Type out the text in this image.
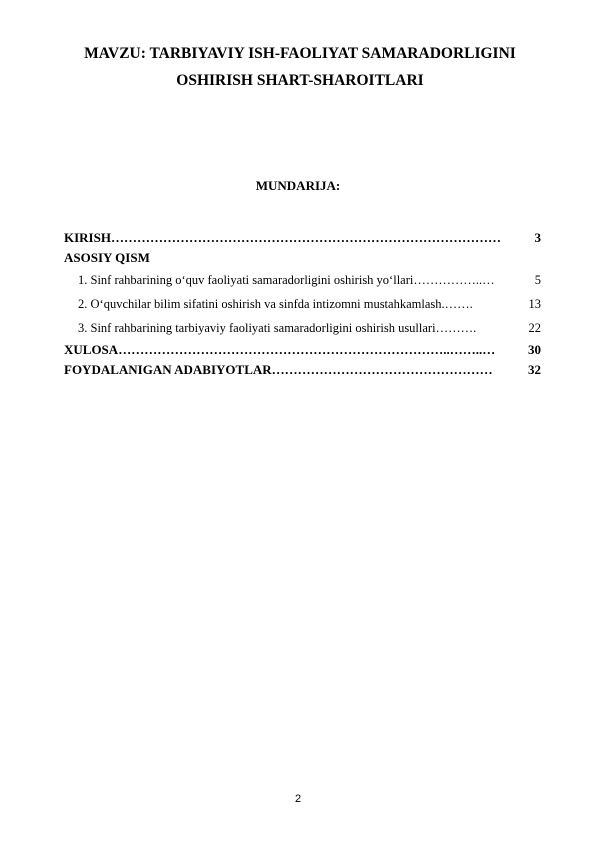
MAVZU: TARBIYAVIY ISH-FAOLIYAT SAMARADORLIGINI
OSHIRISH SHART-SHAROITLARI
MUNDARIJA:
KIRISH ………………………………………………………………………………	3
ASOSIY QISM
1. Sinf rahbarining o‘quv faoliyati samaradorligini oshirish yo‘llari ……………..…	5
2. O‘quvchilar bilim sifatini oshirish va sinfda intizomni mustahkamlash. …….	13
3. Sinf rahbarining tarbiyaviy faoliyati samaradorligini oshirish usullari ……….	22
XULOSA …………………………………………………………………..……..…	30
FOYDALANIGAN ADABIYOTLAR ……………………………………………	32
2
